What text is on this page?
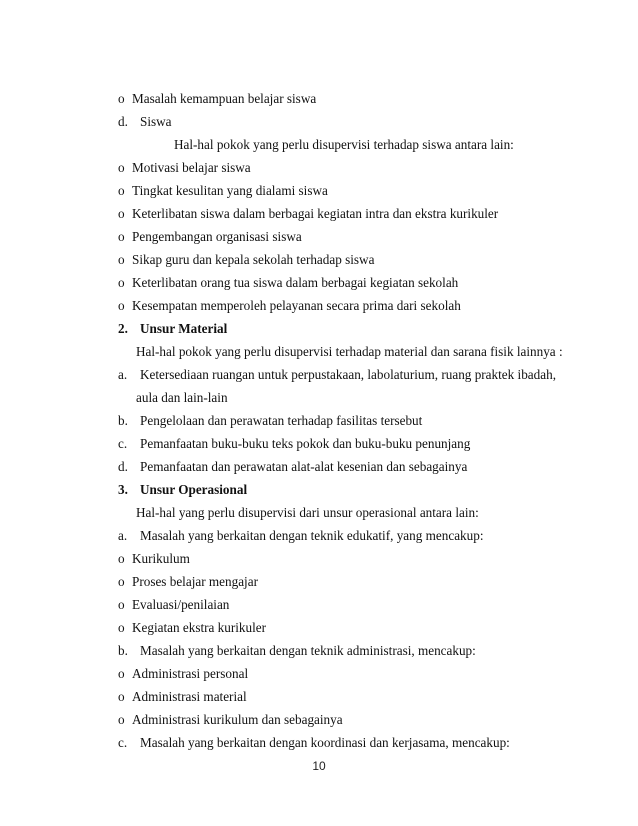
o Masalah kemampuan belajar siswa
d. Siswa
Hal-hal pokok yang perlu disupervisi terhadap siswa antara lain:
o Motivasi belajar siswa
o Tingkat kesulitan yang dialami siswa
o Keterlibatan siswa dalam berbagai kegiatan intra dan ekstra kurikuler
o Pengembangan organisasi siswa
o Sikap guru dan kepala sekolah terhadap siswa
o Keterlibatan orang tua siswa dalam berbagai kegiatan sekolah
o Kesempatan memperoleh pelayanan secara prima dari sekolah
2. Unsur Material
Hal-hal pokok yang perlu disupervisi terhadap material dan sarana fisik lainnya :
a. Ketersediaan ruangan untuk perpustakaan, labolaturium, ruang praktek ibadah,
aula dan lain-lain
b. Pengelolaan dan perawatan terhadap fasilitas tersebut
c. Pemanfaatan buku-buku teks pokok dan buku-buku penunjang
d. Pemanfaatan dan perawatan alat-alat kesenian dan sebagainya
3. Unsur Operasional
Hal-hal yang perlu disupervisi dari unsur operasional antara lain:
a. Masalah yang berkaitan dengan teknik edukatif, yang mencakup:
o Kurikulum
o Proses belajar mengajar
o Evaluasi/penilaian
o Kegiatan ekstra kurikuler
b. Masalah yang berkaitan dengan teknik administrasi, mencakup:
o Administrasi personal
o Administrasi material
o Administrasi kurikulum dan sebagainya
c. Masalah yang berkaitan dengan koordinasi dan kerjasama, mencakup:
10
